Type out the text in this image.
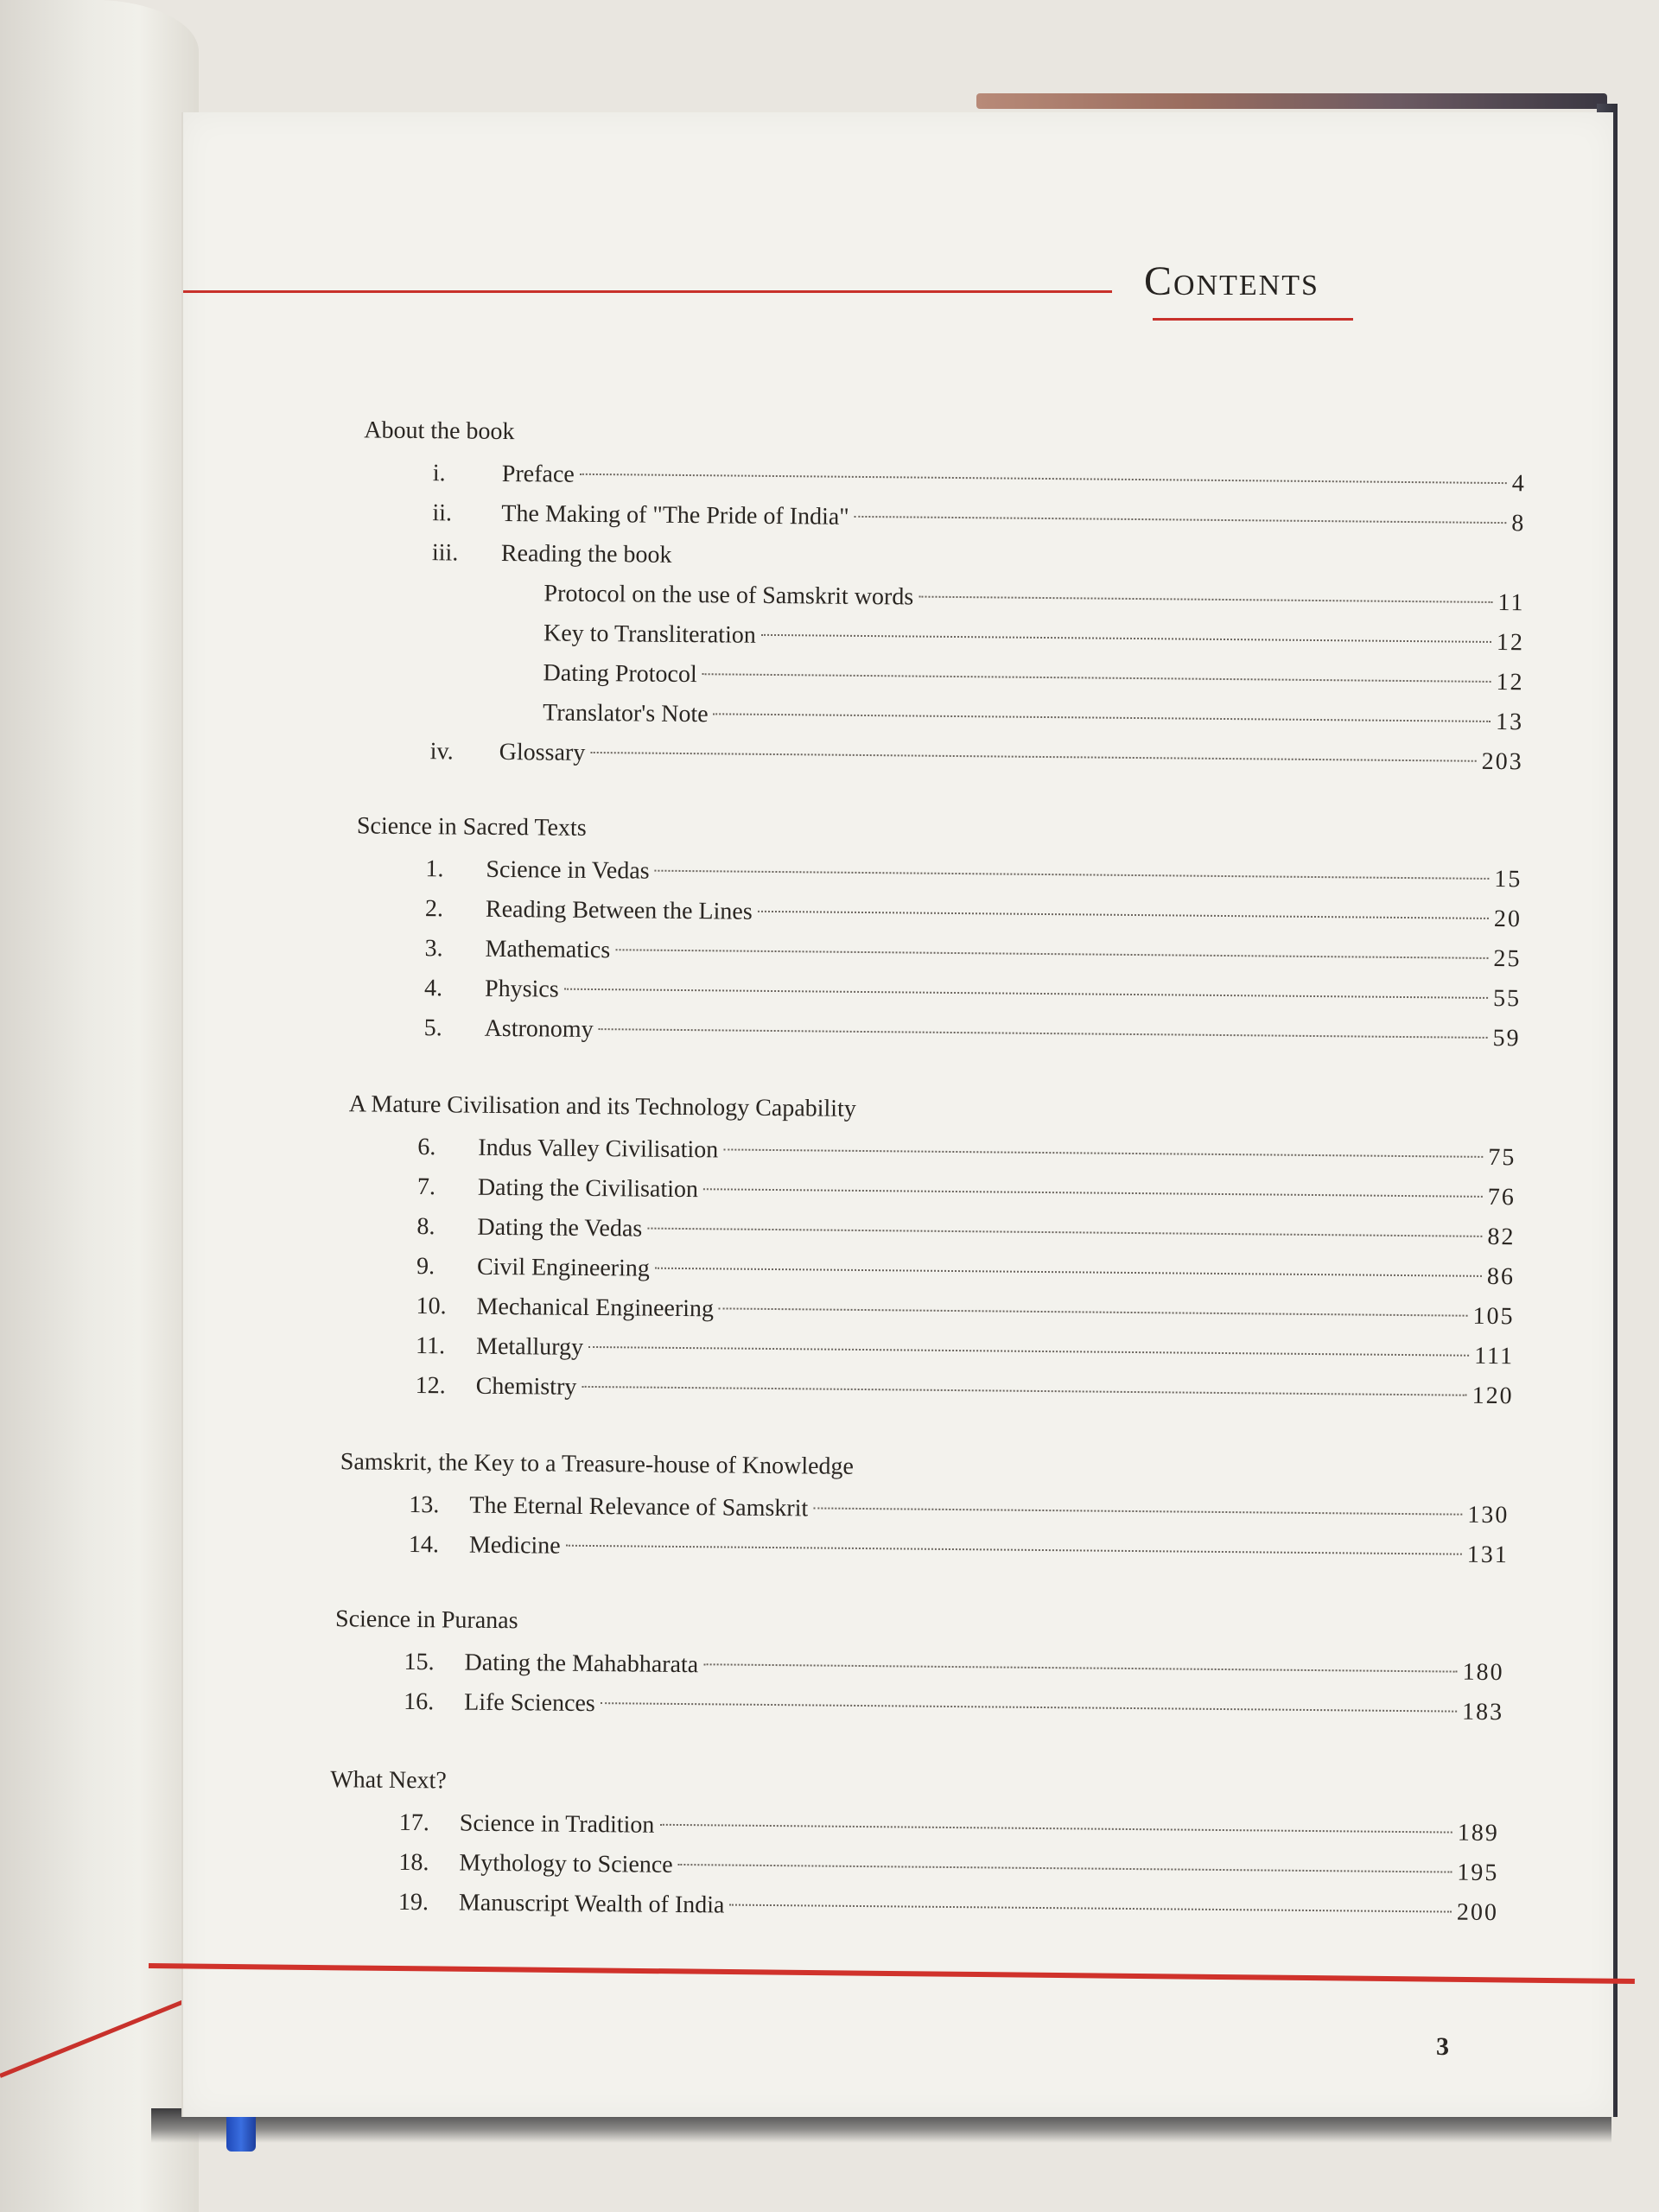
Contents
About the book
i.	Preface	4
ii.	The Making of "The Pride of India"	8
iii.	Reading the book
Protocol on the use of Samskrit words	11
Key to Transliteration	12
Dating Protocol	12
Translator's Note	13
iv.	Glossary	203
Science in Sacred Texts
1.	Science in Vedas	15
2.	Reading Between the Lines	20
3.	Mathematics	25
4.	Physics	55
5.	Astronomy	59
A Mature Civilisation and its Technology Capability
6.	Indus Valley Civilisation	75
7.	Dating the Civilisation	76
8.	Dating the Vedas	82
9.	Civil Engineering	86
10.	Mechanical Engineering	105
11.	Metallurgy	111
12.	Chemistry	120
Samskrit, the Key to a Treasure-house of Knowledge
13.	The Eternal Relevance of Samskrit	130
14.	Medicine	131
Science in Puranas
15.	Dating the Mahabharata	180
16.	Life Sciences	183
What Next?
17.	Science in Tradition	189
18.	Mythology to Science	195
19.	Manuscript Wealth of India	200
3
